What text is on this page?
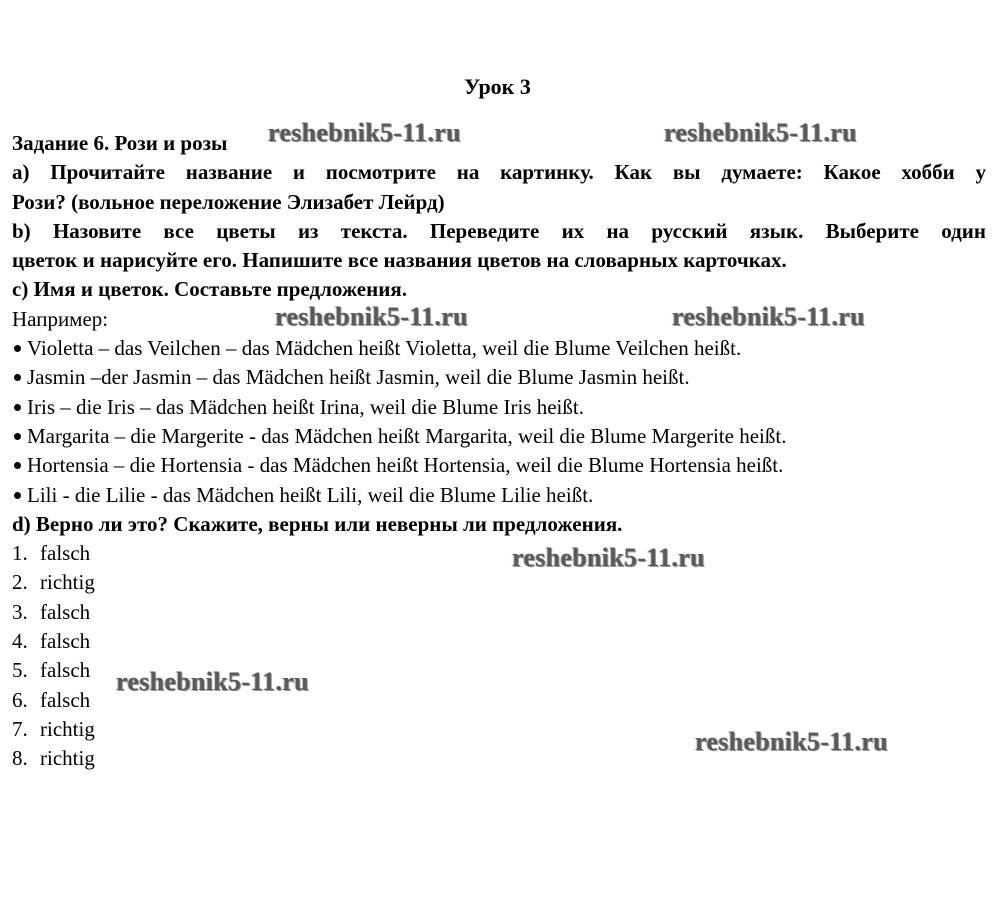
Урок 3
Задание 6. Рози и розы
a) Прочитайте название и посмотрите на картинку. Как вы думаете: Какое хобби у
Рози? (вольное переложение Элизабет Лейрд)
b) Назовите все цветы из текста. Переведите их на русский язык. Выберите один
цветок и нарисуйте его. Напишите все названия цветов на словарных карточках.
с) Имя и цветок. Составьте предложения.
Например:
Violetta – das Veilchen – das Mädchen heißt Violetta, weil die Blume Veilchen heißt.
Jasmin –der Jasmin – das Mädchen heißt Jasmin, weil die Blume Jasmin heißt.
Iris – die Iris – das Mädchen heißt Irina, weil die Blume Iris heißt.
Margarita – die Margerite - das Mädchen heißt Margarita, weil die Blume Margerite heißt.
Hortensia – die Hortensia - das Mädchen heißt Hortensia, weil die Blume Hortensia heißt.
Lili - die Lilie - das Mädchen heißt Lili, weil die Blume Lilie heißt.
d) Верно ли это? Скажите, верны или неверны ли предложения.
1. falsch
2. richtig
3. falsch
4. falsch
5. falsch
6. falsch
7. richtig
8. richtig
reshebnik5-11.ru	reshebnik5-11.ru
reshebnik5-11.ru	reshebnik5-11.ru
reshebnik5-11.ru
reshebnik5-11.ru
reshebnik5-11.ru
